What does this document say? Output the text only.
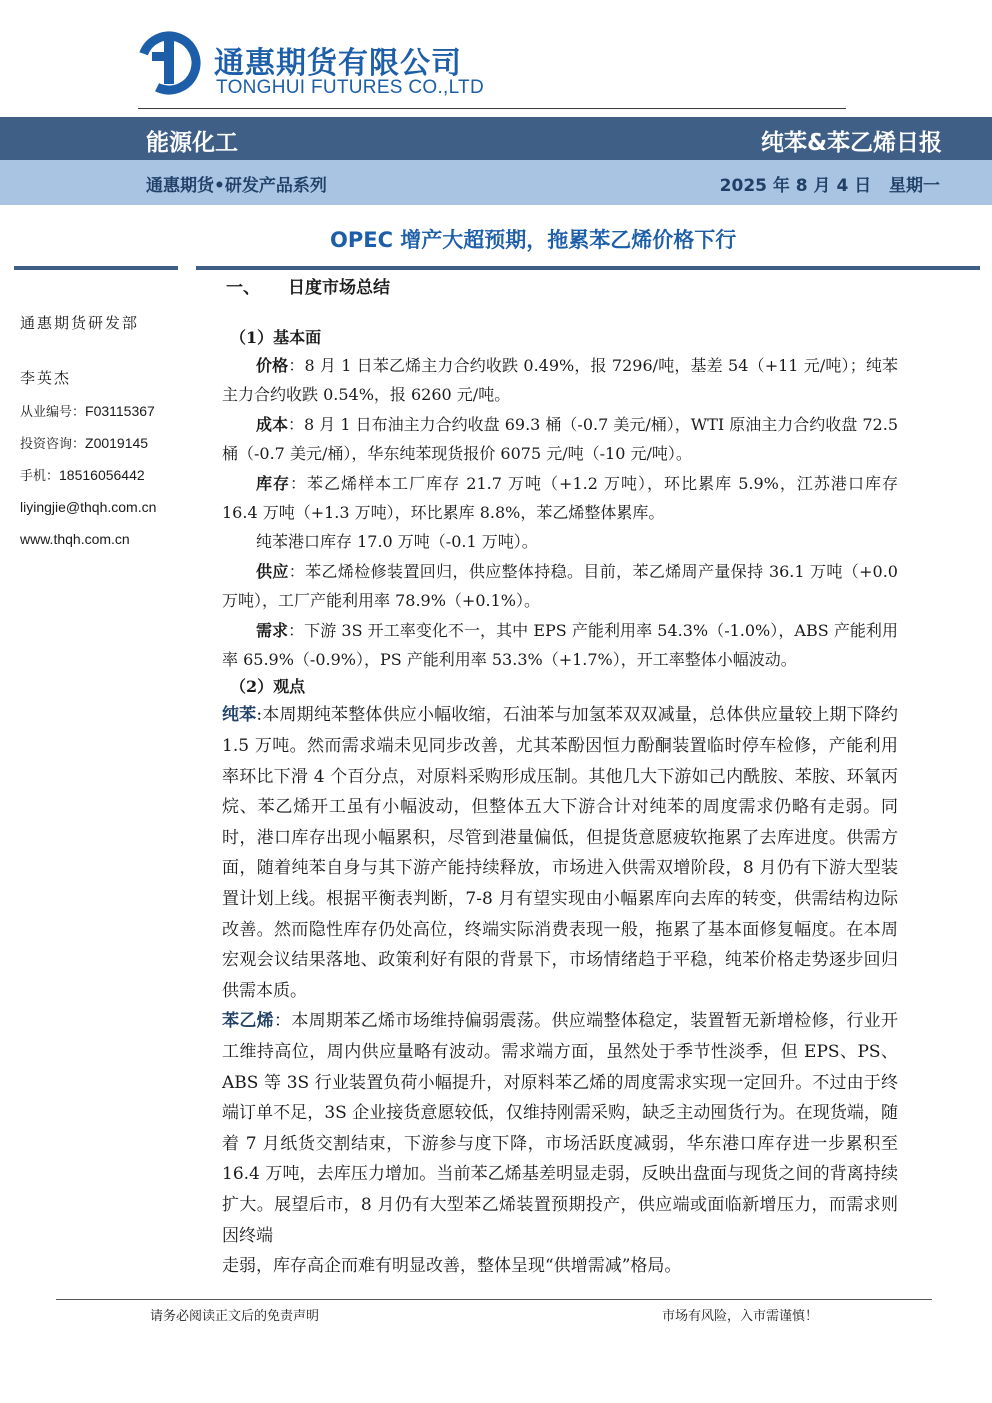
通惠期货有限公司
TONGHUI FUTURES CO.,LTD
能源化工	纯苯&苯乙烯日报
通惠期货•研发产品系列	2025 年 8 月 4 日 星期一
OPEC 增产大超预期，拖累苯乙烯价格下行
通惠期货研发部
李英杰
从业编号：F03115367
投资咨询：Z0019145
手机：18516056442
liyingjie@thqh.com.cn
www.thqh.com.cn
一、 日度市场总结
（1）基本面

价格：8 月 1 日苯乙烯主力合约收跌 0.49%，报 7296/吨，基差 54（+11 元/吨）；纯苯主力合约收跌 0.54%，报 6260 元/吨。

成本：8 月 1 日布油主力合约收盘 69.3 桶（-0.7 美元/桶），WTI 原油主力合约收盘 72.5 桶（-0.7 美元/桶），华东纯苯现货报价 6075 元/吨（-10 元/吨）。

库存：苯乙烯样本工厂库存 21.7 万吨（+1.2 万吨），环比累库 5.9%，江苏港口库存 16.4 万吨（+1.3 万吨），环比累库 8.8%，苯乙烯整体累库。

纯苯港口库存 17.0 万吨（-0.1 万吨）。

供应：苯乙烯检修装置回归，供应整体持稳。目前，苯乙烯周产量保持 36.1 万吨（+0.0 万吨），工厂产能利用率 78.9%（+0.1%）。

需求：下游 3S 开工率变化不一，其中 EPS 产能利用率 54.3%（-1.0%），ABS 产能利用率 65.9%（-0.9%），PS 产能利用率 53.3%（+1.7%），开工率整体小幅波动。

（2）观点

纯苯:本周期纯苯整体供应小幅收缩，石油苯与加氢苯双双减量，总体供应量较上期下降约 1.5 万吨。然而需求端未见同步改善，尤其苯酚因恒力酚酮装置临时停车检修，产能利用率环比下滑 4 个百分点，对原料采购形成压制。其他几大下游如己内酰胺、苯胺、环氧丙烷、苯乙烯开工虽有小幅波动，但整体五大下游合计对纯苯的周度需求仍略有走弱。同时，港口库存出现小幅累积，尽管到港量偏低，但提货意愿疲软拖累了去库进度。供需方面，随着纯苯自身与其下游产能持续释放，市场进入供需双增阶段，8 月仍有下游大型装置计划上线。根据平衡表判断，7-8 月有望实现由小幅累库向去库的转变，供需结构边际改善。然而隐性库存仍处高位，终端实际消费表现一般，拖累了基本面修复幅度。在本周宏观会议结果落地、政策利好有限的背景下，市场情绪趋于平稳，纯苯价格走势逐步回归供需本质。

苯乙烯：本周期苯乙烯市场维持偏弱震荡。供应端整体稳定，装置暂无新增检修，行业开工维持高位，周内供应量略有波动。需求端方面，虽然处于季节性淡季，但 EPS、PS、ABS 等 3S 行业装置负荷小幅提升，对原料苯乙烯的周度需求实现一定回升。不过由于终端订单不足，3S 企业接货意愿较低，仅维持刚需采购，缺乏主动囤货行为。在现货端，随着 7 月纸货交割结束，下游参与度下降，市场活跃度减弱，华东港口库存进一步累积至 16.4 万吨，去库压力增加。当前苯乙烯基差明显走弱，反映出盘面与现货之间的背离持续扩大。展望后市，8 月仍有大型苯乙烯装置预期投产，供应端或面临新增压力，而需求则因终端

走弱，库存高企而难有明显改善，整体呈现“供增需减”格局。

请务必阅读正文后的免责声明	市场有风险，入市需谨慎！
